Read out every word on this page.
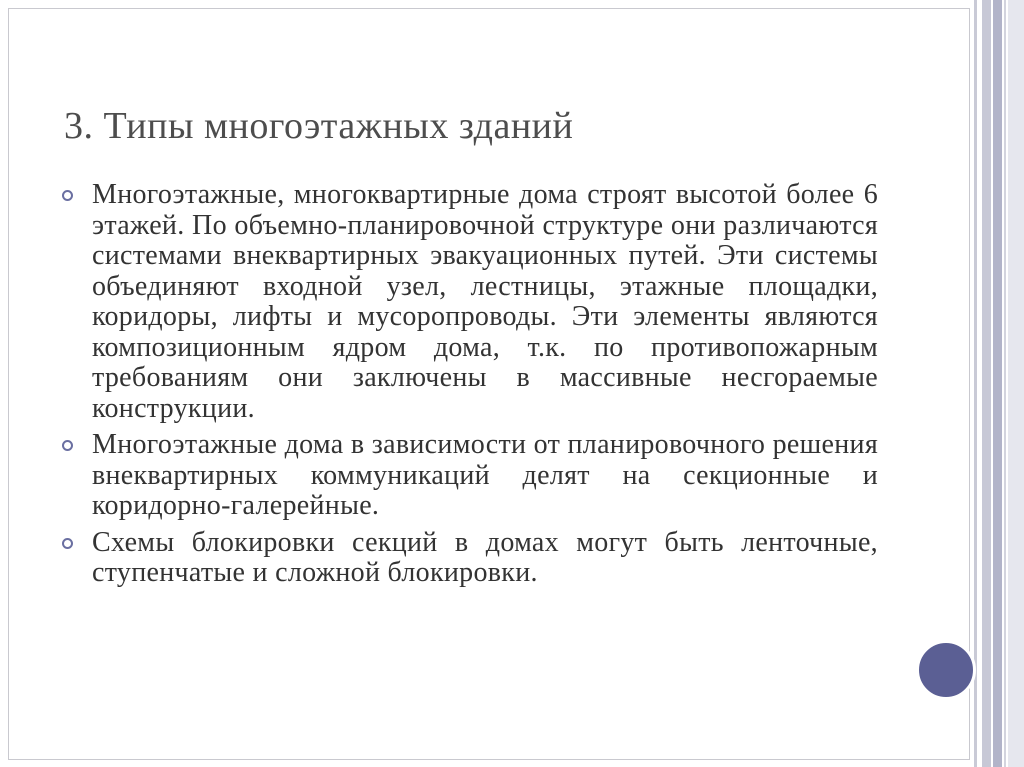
3. Типы многоэтажных зданий
Многоэтажные, многоквартирные дома строят высотой более 6 этажей. По объемно-планировочной структуре они различаются системами внеквартирных эвакуационных путей. Эти системы объединяют входной узел, лестницы, этажные площадки, коридоры, лифты и мусоропроводы. Эти элементы являются композиционным ядром дома, т.к. по противопожарным требованиям они заключены в массивные несгораемые конструкции.
Многоэтажные дома в зависимости от планировочного решения внеквартирных коммуникаций делят на секционные и коридорно-галерейные.
Схемы блокировки секций в домах могут быть ленточные, ступенчатые и сложной блокировки.
